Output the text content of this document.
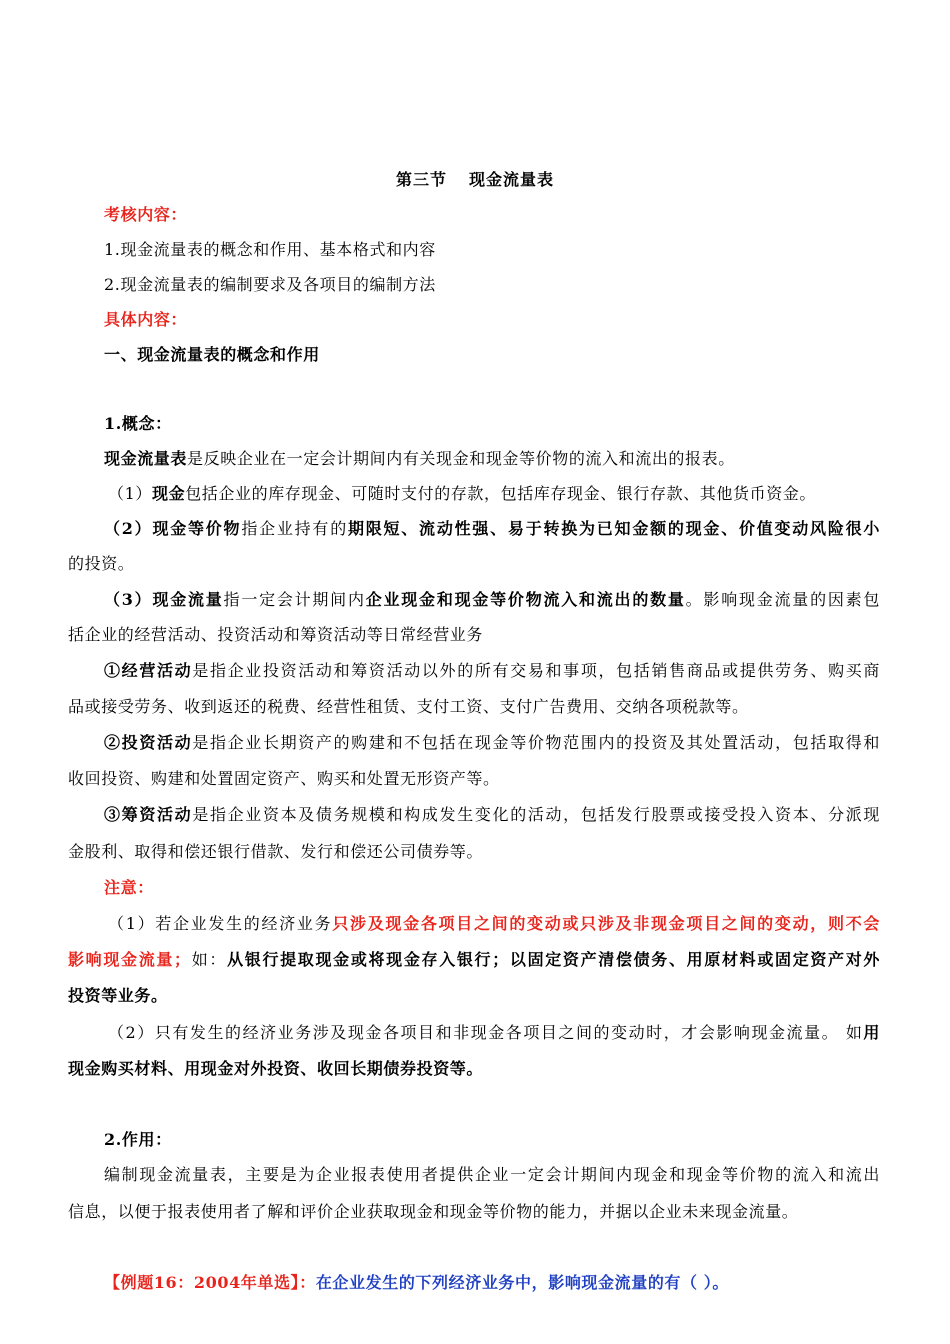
第三节 现金流量表
考核内容：
1.现金流量表的概念和作用、基本格式和内容
2.现金流量表的编制要求及各项目的编制方法
具体内容：
一、现金流量表的概念和作用
1.概念：
现金流量表是反映企业在一定会计期间内有关现金和现金等价物的流入和流出的报表。
（1）现金包括企业的库存现金、可随时支付的存款，包括库存现金、银行存款、其他货币资金。
（2）现金等价物指企业持有的期限短、流动性强、易于转换为已知金额的现金、价值变动风险很小
的投资。
（3）现金流量指一定会计期间内企业现金和现金等价物流入和流出的数量。影响现金流量的因素包
括企业的经营活动、投资活动和筹资活动等日常经营业务
①经营活动是指企业投资活动和筹资活动以外的所有交易和事项，包括销售商品或提供劳务、购买商
品或接受劳务、收到返还的税费、经营性租赁、支付工资、支付广告费用、交纳各项税款等。
②投资活动是指企业长期资产的购建和不包括在现金等价物范围内的投资及其处置活动，包括取得和
收回投资、购建和处置固定资产、购买和处置无形资产等。
③筹资活动是指企业资本及债务规模和构成发生变化的活动，包括发行股票或接受投入资本、分派现
金股利、取得和偿还银行借款、发行和偿还公司债券等。
注意：
（1）若企业发生的经济业务只涉及现金各项目之间的变动或只涉及非现金项目之间的变动，则不会
影响现金流量；如：从银行提取现金或将现金存入银行；以固定资产清偿债务、用原材料或固定资产对外
投资等业务。
（2）只有发生的经济业务涉及现金各项目和非现金各项目之间的变动时，才会影响现金流量。 如用
现金购买材料、用现金对外投资、收回长期债券投资等。
2.作用：
编制现金流量表，主要是为企业报表使用者提供企业一定会计期间内现金和现金等价物的流入和流出
信息，以便于报表使用者了解和评价企业获取现金和现金等价物的能力，并据以企业未来现金流量。
【例题16：2004年单选】：在企业发生的下列经济业务中，影响现金流量的有（ ）。
